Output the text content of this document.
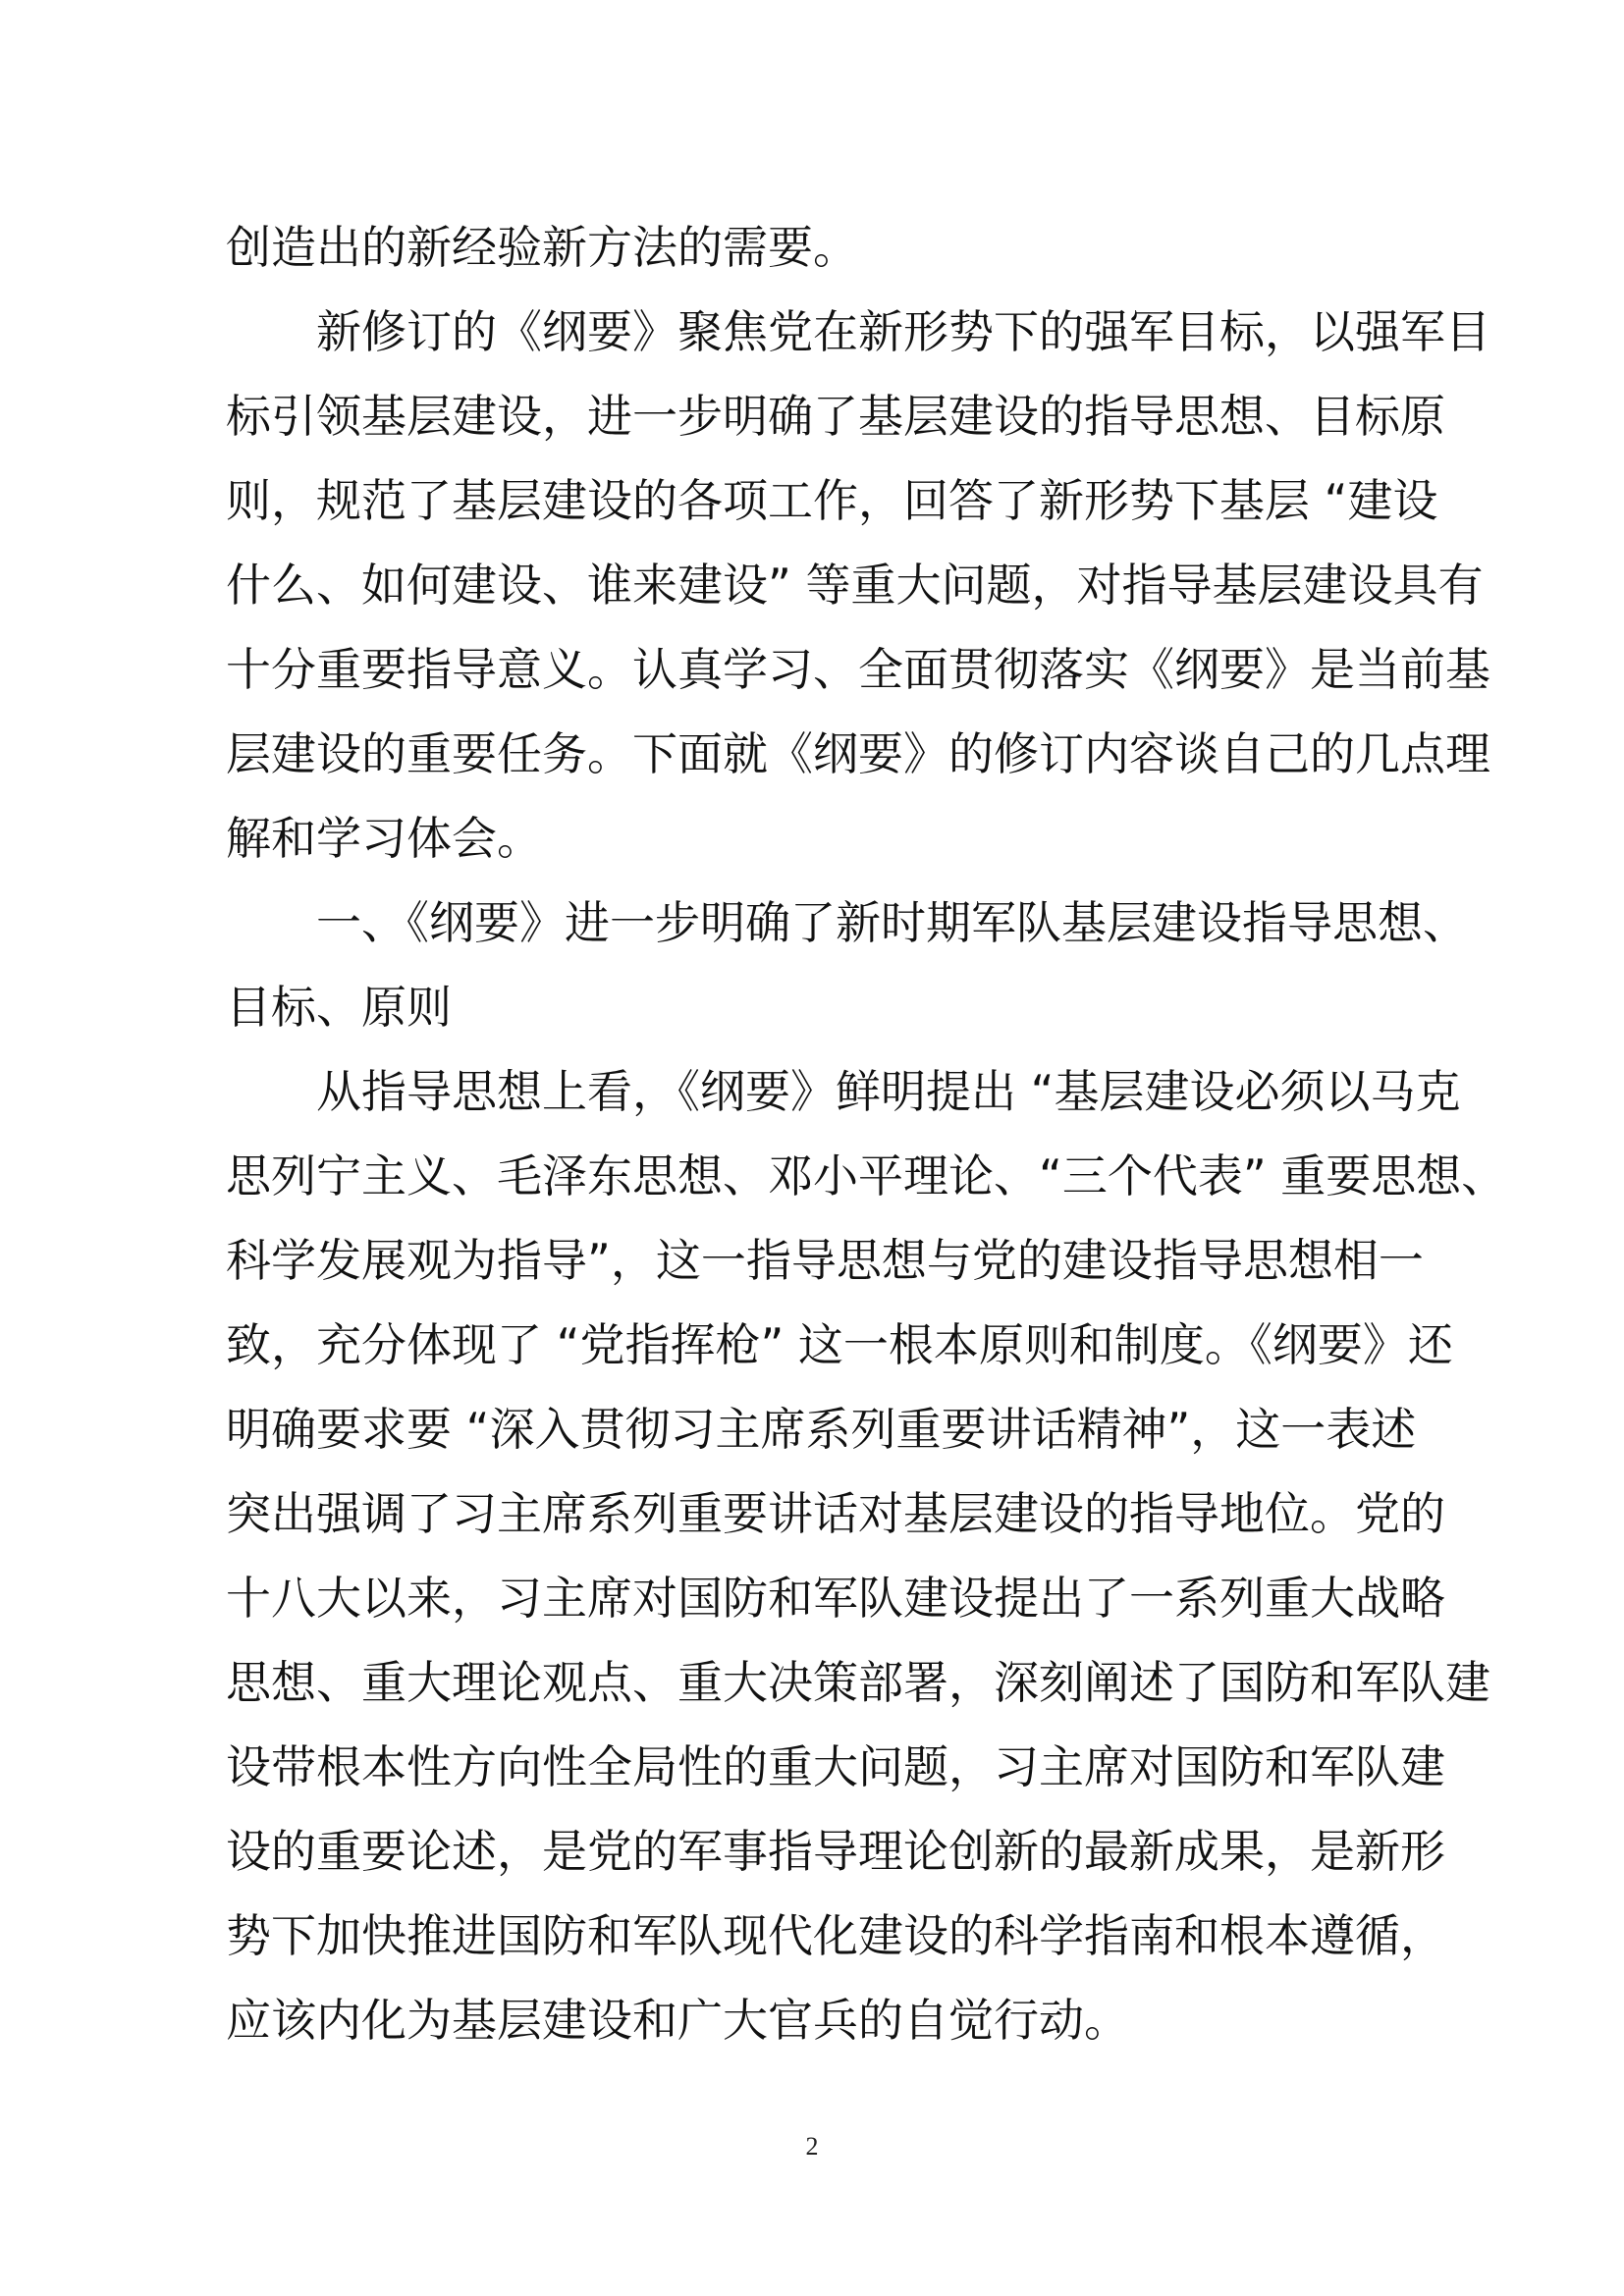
创造出的新经验新方法的需要。
新修订的《纲要》聚焦党在新形势下的强军目标，以强军目
标引领基层建设，进一步明确了基层建设的指导思想、目标原
则，规范了基层建设的各项工作，回答了新形势下基层 “建设
什么、如何建设、谁来建设” 等重大问题，对指导基层建设具有
十分重要指导意义。认真学习、全面贯彻落实《纲要》是当前基
层建设的重要任务。下面就《纲要》的修订内容谈自己的几点理
解和学习体会。
一、《纲要》进一步明确了新时期军队基层建设指导思想、
目标、原则
从指导思想上看，《纲要》鲜明提出 “基层建设必须以马克
思列宁主义、毛泽东思想、邓小平理论、“三个代表” 重要思想、
科学发展观为指导”，这一指导思想与党的建设指导思想相一
致，充分体现了 “党指挥枪” 这一根本原则和制度。《纲要》还
明确要求要 “深入贯彻习主席系列重要讲话精神”，这一表述
突出强调了习主席系列重要讲话对基层建设的指导地位。党的
十八大以来，习主席对国防和军队建设提出了一系列重大战略
思想、重大理论观点、重大决策部署，深刻阐述了国防和军队建
设带根本性方向性全局性的重大问题，习主席对国防和军队建
设的重要论述，是党的军事指导理论创新的最新成果，是新形
势下加快推进国防和军队现代化建设的科学指南和根本遵循，
应该内化为基层建设和广大官兵的自觉行动。
2
